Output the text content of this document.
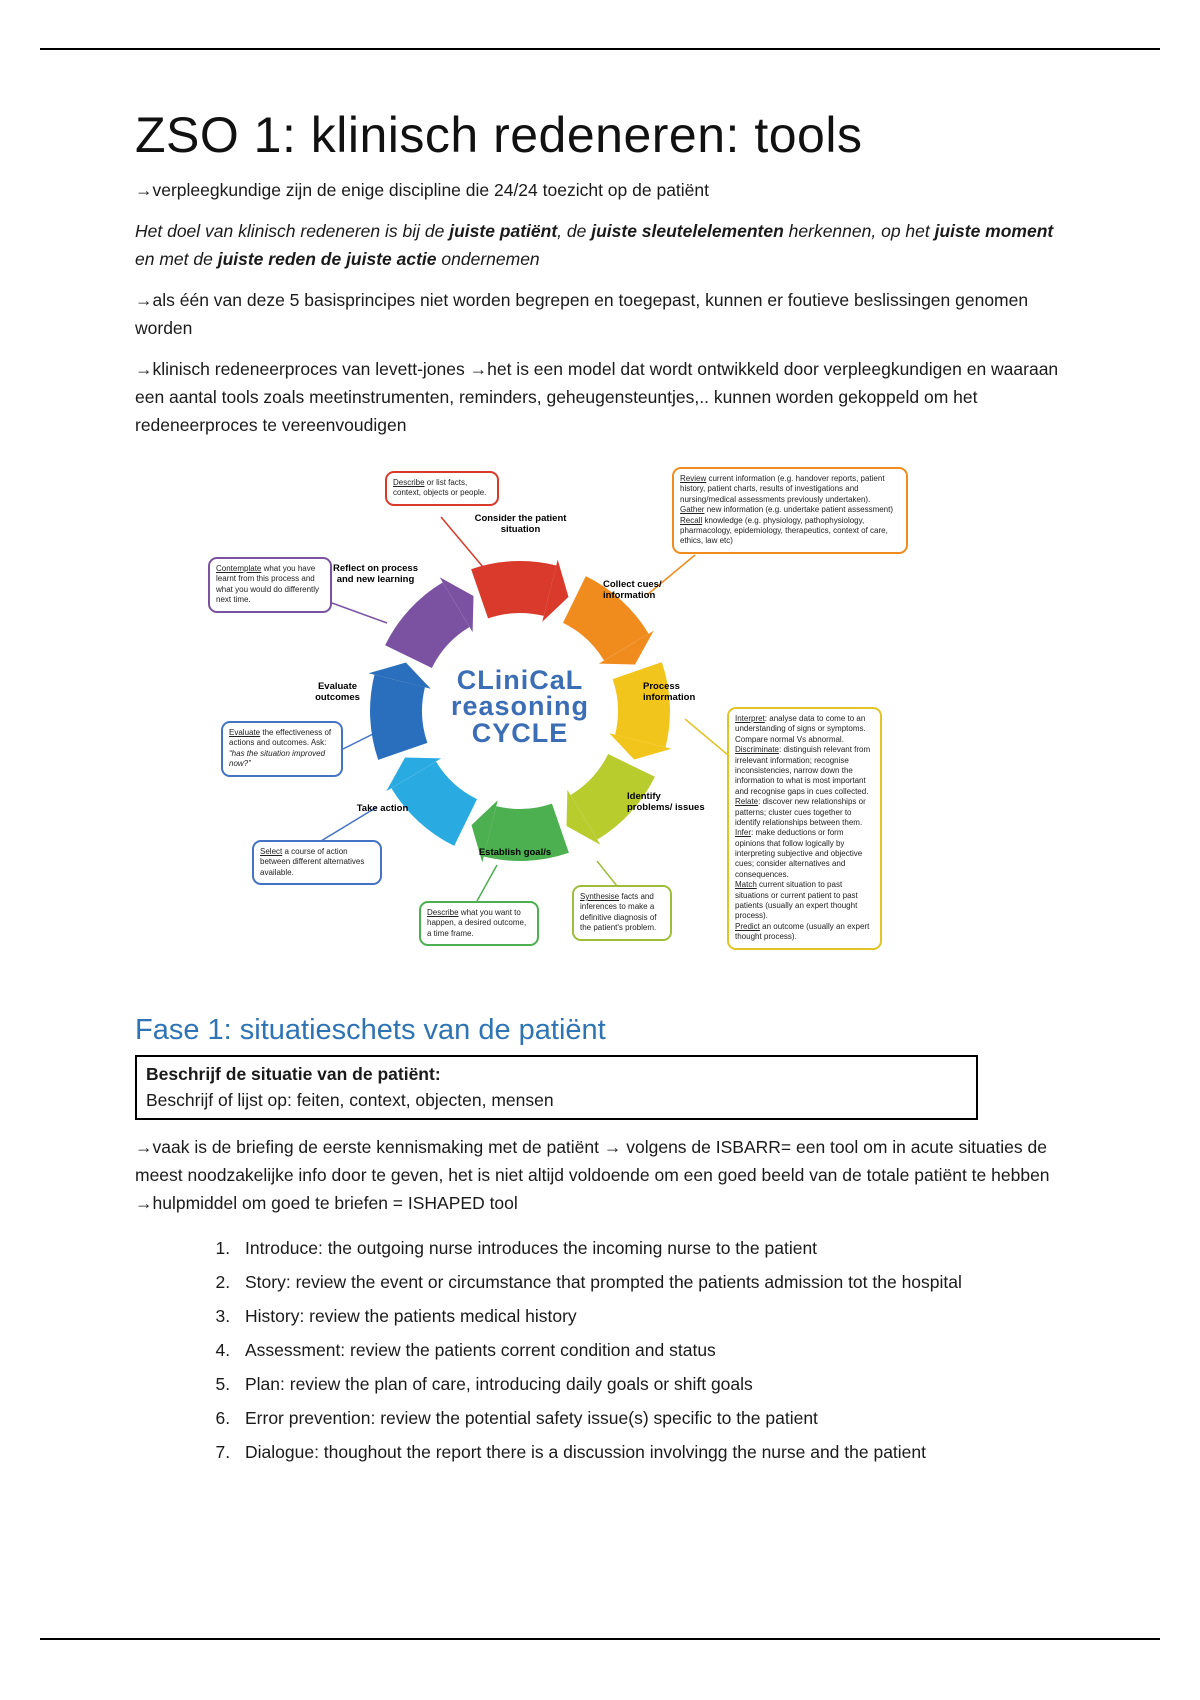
ZSO 1: klinisch redeneren: tools

→verpleegkundige zijn de enige discipline die 24/24 toezicht op de patiënt

Het doel van klinisch redeneren is bij de juiste patiënt, de juiste sleutelelementen herkennen, op het juiste moment en met de juiste reden de juiste actie ondernemen

→als één van deze 5 basisprincipes niet worden begrepen en toegepast, kunnen er foutieve beslissingen genomen worden

→klinisch redeneerproces van levett-jones →het is een model dat wordt ontwikkeld door verpleegkundigen en waaraan een aantal tools zoals meetinstrumenten, reminders, geheugensteuntjes,.. kunnen worden gekoppeld om het redeneerproces te vereenvoudigen

CLiniCaL
reasoning
CYCLE
Consider the patient situation
Collect cues/ information
Process information
Identify problems/ issues
Establish goal/s
Take action
Evaluate outcomes
Reflect on process and new learning
Describe or list facts, context, objects or people.
Review current information (e.g. handover reports, patient history, patient charts, results of investigations and nursing/medical assessments previously undertaken).
Gather new information (e.g. undertake patient assessment)
Recall knowledge (e.g. physiology, pathophysiology, pharmacology, epidemiology, therapeutics, context of care, ethics, law etc)
Interpret: analyse data to come to an understanding of signs or symptoms. Compare normal Vs abnormal.
Discriminate: distinguish relevant from irrelevant information; recognise inconsistencies, narrow down the information to what is most important and recognise gaps in cues collected.
Relate: discover new relationships or patterns; cluster cues together to identify relationships between them.
Infer: make deductions or form opinions that follow logically by interpreting subjective and objective cues; consider alternatives and consequences.
Match current situation to past situations or current patient to past patients (usually an expert thought process).
Predict an outcome (usually an expert thought process).
Synthesise facts and inferences to make a definitive diagnosis of the patient's problem.
Describe what you want to happen, a desired outcome, a time frame.
Select a course of action between different alternatives available.
Evaluate the effectiveness of actions and outcomes. Ask:
“has the situation improved now?”
Contemplate what you have learnt from this process and what you would do differently next time.
Fase 1: situatieschets van de patiënt
Beschrijf de situatie van de patiënt:
Beschrijf of lijst op: feiten, context, objecten, mensen

→vaak is de briefing de eerste kennismaking met de patiënt → volgens de ISBARR= een tool om in acute situaties de meest noodzakelijke info door te geven, het is niet altijd voldoende om een goed beeld van de totale patiënt te hebben →hulpmiddel om goed te briefen = ISHAPED tool

1. Introduce: the outgoing nurse introduces the incoming nurse to the patient
2. Story: review the event or circumstance that prompted the patients admission tot the hospital
3. History: review the patients medical history
4. Assessment: review the patients corrent condition and status
5. Plan: review the plan of care, introducing daily goals or shift goals
6. Error prevention: review the potential safety issue(s) specific to the patient
7. Dialogue: thoughout the report there is a discussion involvingg the nurse and the patient
